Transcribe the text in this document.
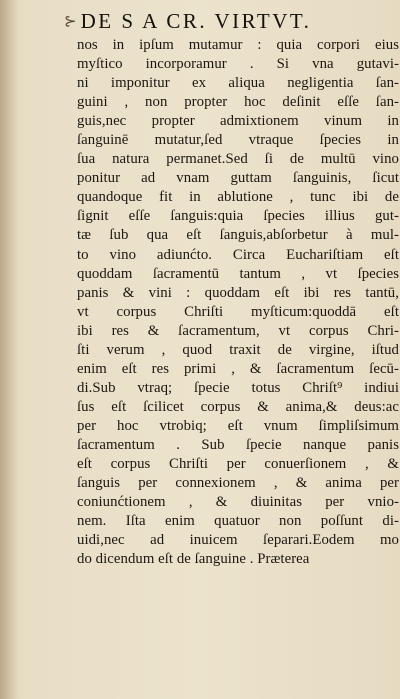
⊱ DE S A CR. VIRTVT.
nos in ipſum mutamur : quia corpori eius
myſtico incorporamur . Si vna gutavi-
ni imponitur ex aliqua negligentia ſan-
guini , non propter hoc deſinit eſſe ſan-
guis,nec propter admixtionem vinum in
ſanguinē mutatur,ſed vtraque ſpecies in
ſua natura permanet.Sed ſi de multū vino
ponitur ad vnam guttam ſanguinis, ſicut
quandoque fit in ablutione , tunc ibi de
ſignit eſſe ſanguis:quia ſpecies illius gut-
tæ ſub qua eſt ſanguis,abſorbetur à mul-
to vino adiunćto. Circa Euchariſtiam eſt
quoddam ſacramentū tantum , vt ſpecies
panis & vini : quoddam eſt ibi res tantū,
vt corpus Chriſti myſticum:quoddā eſt
ibi res & ſacramentum, vt corpus Chri-
ſti verum , quod traxit de virgine, iſtud
enim eſt res primi , & ſacramentum ſecū-
di.Sub vtraq; ſpecie totus Chriſt⁹ indiui
ſus eſt ſcilicet corpus & anima,& deus:ac
per hoc vtrobiq; eſt vnum ſimpliſsimum
ſacramentum . Sub ſpecie nanque panis
eſt corpus Chriſti per conuerſionem , &
ſanguis per connexionem , & anima per
coniunćtionem , & diuinitas per vnio-
nem. Iſta enim quatuor non poſſunt di-
uidi,nec ad inuicem ſeparari.Eodem mo
do dicendum eſt de ſanguine . Præterea
